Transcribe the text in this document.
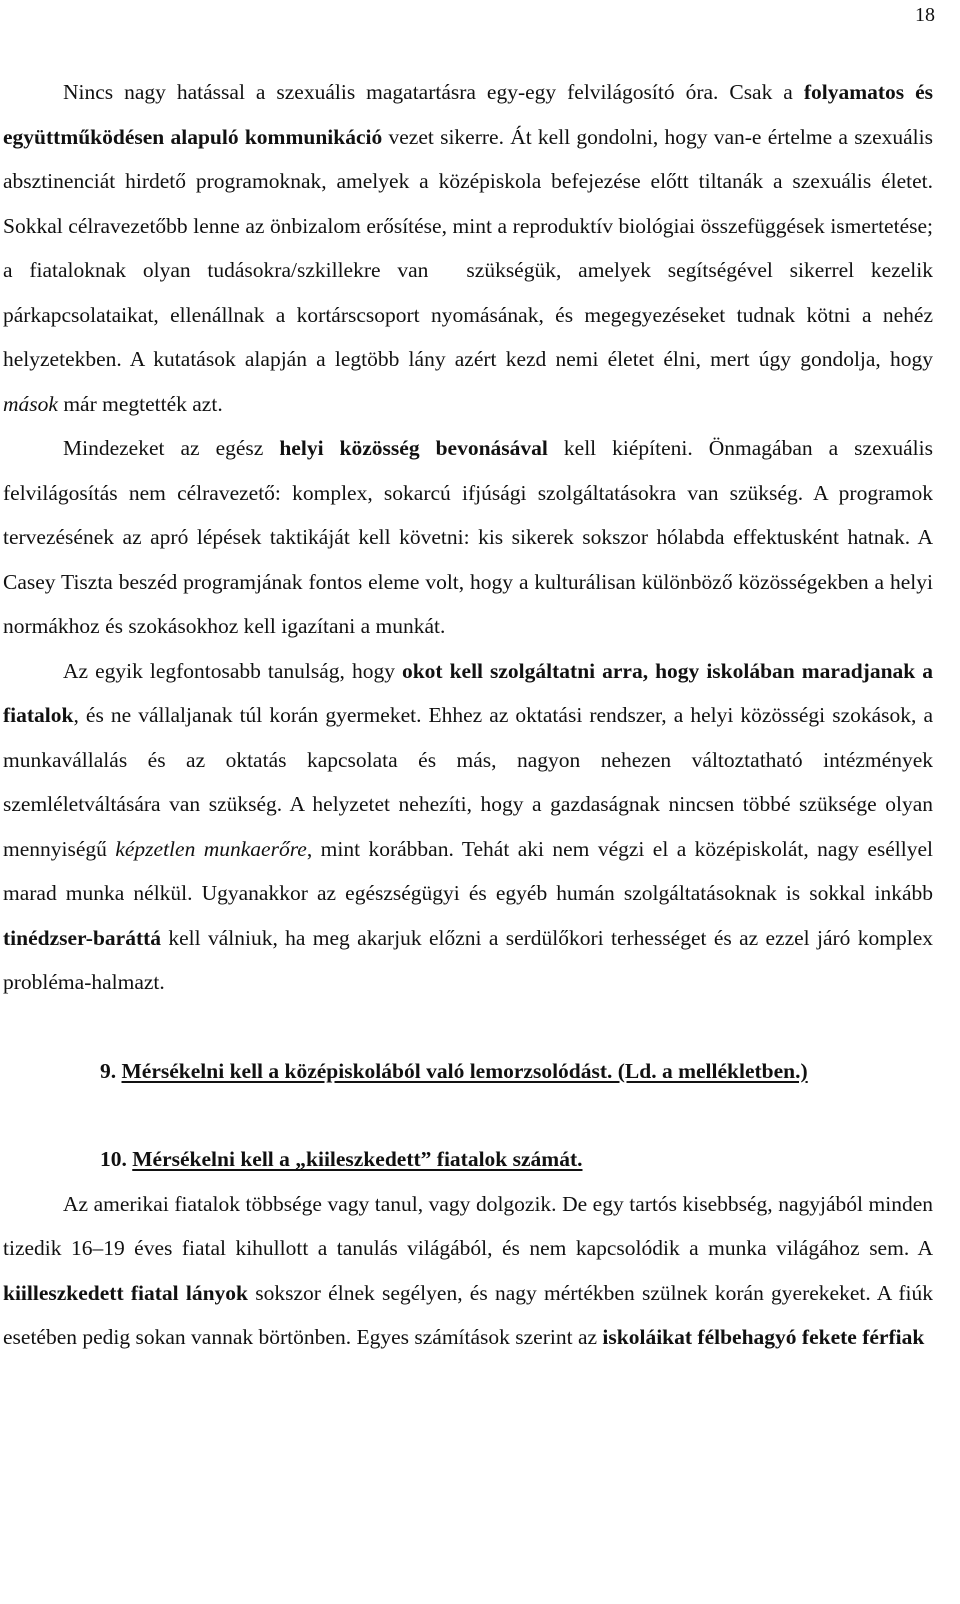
18

Nincs nagy hatással a szexuális magatartásra egy-egy felvilágosító óra. Csak a folyamatos és együttműködésen alapuló kommunikáció vezet sikerre. Át kell gondolni, hogy van-e értelme a szexuális absztinenciát hirdető programoknak, amelyek a középiskola befejezése előtt tiltanák a szexuális életet. Sokkal célravezetőbb lenne az önbizalom erősítése, mint a reproduktív biológiai összefüggések ismertetése; a fiataloknak olyan tudásokra/szkillekre van szükségük, amelyek segítségével sikerrel kezelik párkapcsolataikat, ellenállnak a kortárscsoport nyomásának, és megegyezéseket tudnak kötni a nehéz helyzetekben. A kutatások alapján a legtöbb lány azért kezd nemi életet élni, mert úgy gondolja, hogy mások már megtették azt.

Mindezeket az egész helyi közösség bevonásával kell kiépíteni. Önmagában a szexuális felvilágosítás nem célravezető: komplex, sokarcú ifjúsági szolgáltatásokra van szükség. A programok tervezésének az apró lépések taktikáját kell követni: kis sikerek sokszor hólabda effektusként hatnak. A Casey Tiszta beszéd programjának fontos eleme volt, hogy a kulturálisan különböző közösségekben a helyi normákhoz és szokásokhoz kell igazítani a munkát.

Az egyik legfontosabb tanulság, hogy okot kell szolgáltatni arra, hogy iskolában maradjanak a fiatalok, és ne vállaljanak túl korán gyermeket. Ehhez az oktatási rendszer, a helyi közösségi szokások, a munkavállalás és az oktatás kapcsolata és más, nagyon nehezen változtatható intézmények szemléletváltására van szükség. A helyzetet nehezíti, hogy a gazdaságnak nincsen többé szüksége olyan mennyiségű képzetlen munkaerőre, mint korábban. Tehát aki nem végzi el a középiskolát, nagy eséllyel marad munka nélkül. Ugyanakkor az egészségügyi és egyéb humán szolgáltatásoknak is sokkal inkább tinédzser-baráttá kell válniuk, ha meg akarjuk előzni a serdülőkori terhességet és az ezzel járó komplex probléma-halmazt.

9. Mérsékelni kell a középiskolából való lemorzsolódást. (Ld. a mellékletben.)

10. Mérsékelni kell a „kiileszkedett” fiatalok számát.

Az amerikai fiatalok többsége vagy tanul, vagy dolgozik. De egy tartós kisebbség, nagyjából minden tizedik 16–19 éves fiatal kihullott a tanulás világából, és nem kapcsolódik a munka világához sem. A kiilleszkedett fiatal lányok sokszor élnek segélyen, és nagy mértékben szülnek korán gyerekeket. A fiúk esetében pedig sokan vannak börtönben. Egyes számítások szerint az iskoláikat félbehagyó fekete férfiak
